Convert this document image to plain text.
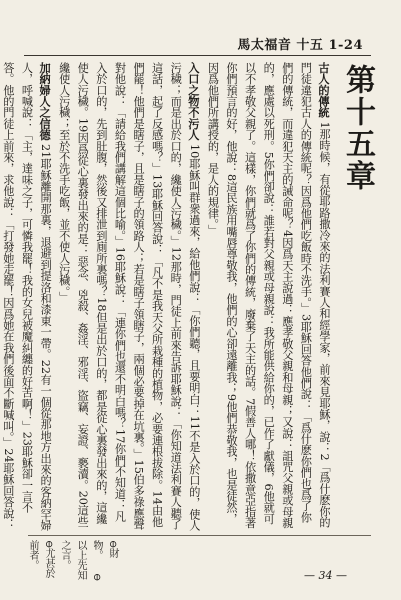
馬太福音 十五 1-24
第十五章

古人的傳統 1那時候，有從耶路撒冷來的法利賽人和經學家，前來見耶穌，說：2「爲什麽你的門徒違犯古人的傳統呢？因爲他們吃飯時不洗手。」3耶穌回答他們說：「爲什麽你們也爲了你們的傳統，而違犯天主的誡命呢？4因爲天主說過：應孝敬父親和母親；又說：詛咒父親或母親的，應處以死刑。5你們卻說：誰若對父親或母親說：我所能供給你的，已作了獻儀，6他就可以不孝敬父親了。這樣，你們就爲了你們的傳統，廢棄了天主的話。7假善人哪！依撒意亞指著你們預言的好，他說：8這民族用嘴唇尊敬我，他們的心卻遠離我；9他們恭敬我，也是徒然，因爲他們所講授的，是人的規律。」

入口之物不污人 10耶穌叫群衆過來，給他們說：「你們聽，且要明白：11不是入於口的，使人污穢；而是出於口的，纔使人污穢。」12那時，門徒上前來告訴耶穌說：「你知道法利賽人聽了這話，起了反感嗎？」13耶穌回答說：「凡不是我天父所栽種的植物，必要連根拔除。14由他們罷！他們是瞎子，且是瞎子的領路人；若是瞎子領瞎子，兩個必要掉在坑裏。」15伯多祿應聲對他說：「請給我們講解這個比喻。」16耶穌說：「連你們也還不明白嗎？17你們不知道：凡入於口的，先到肚腹，然後又排泄到廁所裏嗎？18但是出於口的，都是從心裏發出來的，這纔使人污穢。19因爲從心裏發出來的是：惡念、兇殺、姦淫、邪淫、盜竊、妄證、褻瀆。20這些纔使人污穢；至於不洗手吃飯，並不使人污穢。」

加納婦人之信德 21耶穌離開那裏，退避到提洛和漆東一帶。22有一個從那地方出來的客納罕婦人，呼喊說：「主，達味之子，可憐我罷！我的女兒被魔糾纏的好苦啊！」23耶穌卻一言不答。他的門徒上前來，求他說：「打發她走罷！因爲她在我們後面不斷喊叫。」24耶穌回答說：

⊖財物。 ⊖以上先知之言。 ⊖尤甚於前者。
— 34 —
